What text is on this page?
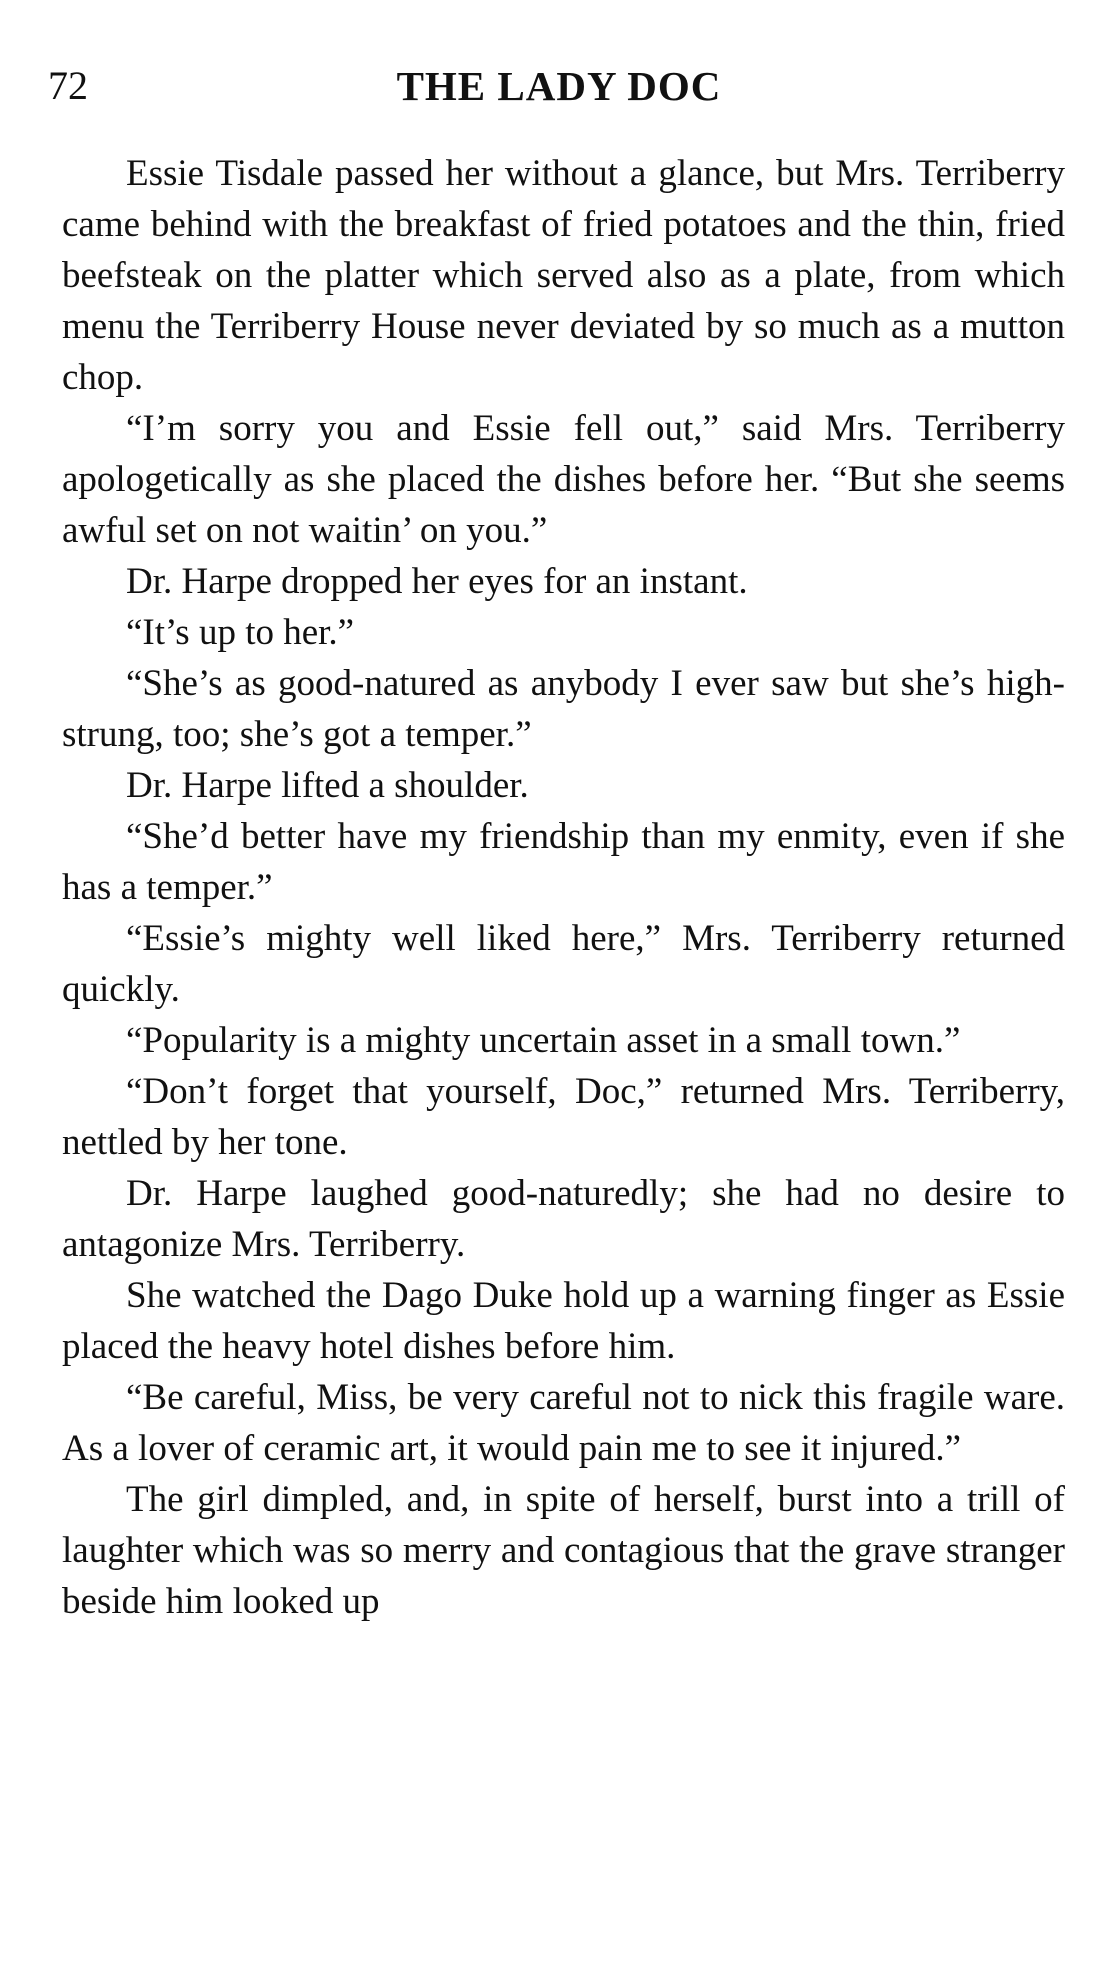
72	THE LADY DOC

Essie Tisdale passed her without a glance, but Mrs. Terriberry came behind with the breakfast of fried potatoes and the thin, fried beefsteak on the platter which served also as a plate, from which menu the Terriberry House never deviated by so much as a mutton chop.

“I’m sorry you and Essie fell out,” said Mrs. Terriberry apologetically as she placed the dishes before her. “But she seems awful set on not waitin’ on you.”

Dr. Harpe dropped her eyes for an instant.

“It’s up to her.”

“She’s as good-natured as anybody I ever saw but she’s high-strung, too; she’s got a temper.”

Dr. Harpe lifted a shoulder.

“She’d better have my friendship than my enmity, even if she has a temper.”

“Essie’s mighty well liked here,” Mrs. Terriberry returned quickly.

“Popularity is a mighty uncertain asset in a small town.”

“Don’t forget that yourself, Doc,” returned Mrs. Terriberry, nettled by her tone.

Dr. Harpe laughed good-naturedly; she had no desire to antagonize Mrs. Terriberry.

She watched the Dago Duke hold up a warning finger as Essie placed the heavy hotel dishes before him.

“Be careful, Miss, be very careful not to nick this fragile ware. As a lover of ceramic art, it would pain me to see it injured.”

The girl dimpled, and, in spite of herself, burst into a trill of laughter which was so merry and contagious that the grave stranger beside him looked up
